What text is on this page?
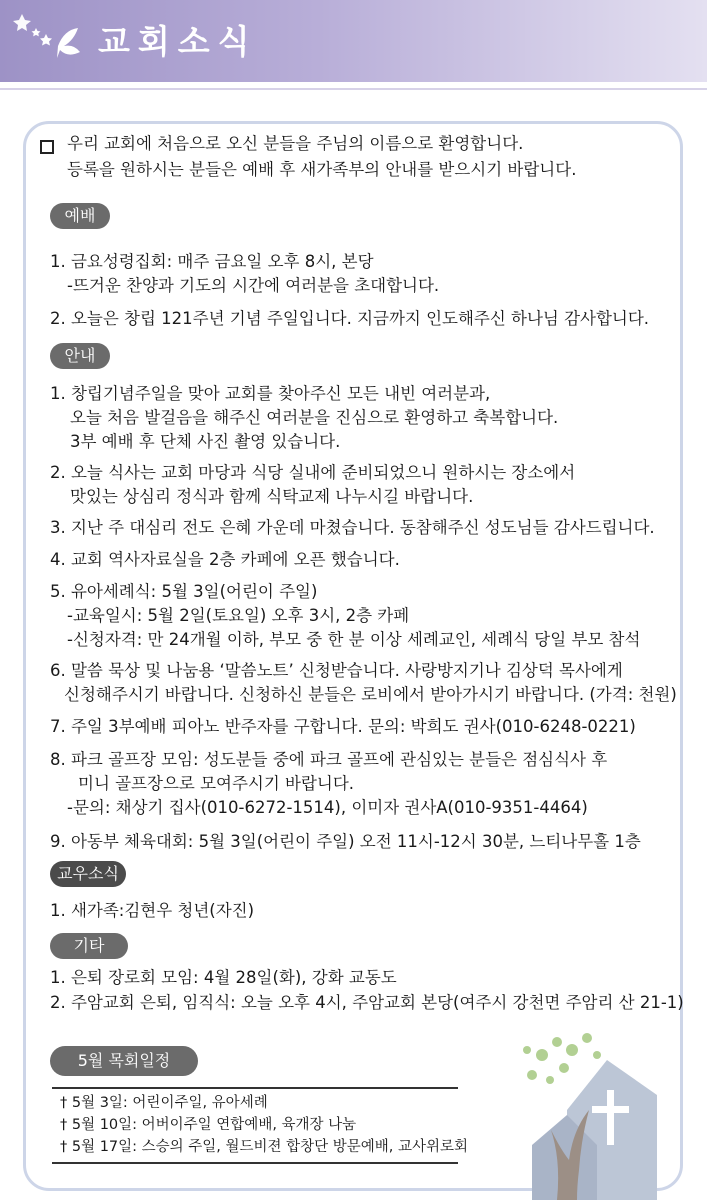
교회소식
우리 교회에 처음으로 오신 분들을 주님의 이름으로 환영합니다.
등록을 원하시는 분들은 예배 후 새가족부의 안내를 받으시기 바랍니다.
예배
1. 금요성령집회: 매주 금요일 오후 8시, 본당
-뜨거운 찬양과 기도의 시간에 여러분을 초대합니다.
2. 오늘은 창립 121주년 기념 주일입니다. 지금까지 인도해주신 하나님 감사합니다.
안내
1. 창립기념주일을 맞아 교회를 찾아주신 모든 내빈 여러분과,
오늘 처음 발걸음을 해주신 여러분을 진심으로 환영하고 축복합니다.
3부 예배 후 단체 사진 촬영 있습니다.
2. 오늘 식사는 교회 마당과 식당 실내에 준비되었으니 원하시는 장소에서
맛있는 상심리 정식과 함께 식탁교제 나누시길 바랍니다.
3. 지난 주 대심리 전도 은혜 가운데 마쳤습니다. 동참해주신 성도님들 감사드립니다.
4. 교회 역사자료실을 2층 카페에 오픈 했습니다.
5. 유아세례식: 5월 3일(어린이 주일)
-교육일시: 5월 2일(토요일) 오후 3시, 2층 카페
-신청자격: 만 24개월 이하, 부모 중 한 분 이상 세례교인, 세례식 당일 부모 참석
6. 말씀 묵상 및 나눔용 ‘말씀노트’ 신청받습니다. 사랑방지기나 김상덕 목사에게
신청해주시기 바랍니다. 신청하신 분들은 로비에서 받아가시기 바랍니다. (가격: 천원)
7. 주일 3부예배 피아노 반주자를 구합니다. 문의: 박희도 권사(010-6248-0221)
8. 파크 골프장 모임: 성도분들 중에 파크 골프에 관심있는 분들은 점심식사 후
미니 골프장으로 모여주시기 바랍니다.
-문의: 채상기 집사(010-6272-1514), 이미자 권사A(010-9351-4464)
9. 아동부 체육대회: 5월 3일(어린이 주일) 오전 11시-12시 30분, 느티나무홀 1층
교우소식
1. 새가족:김현우 청년(자진)
기타
1. 은퇴 장로회 모임: 4월 28일(화), 강화 교동도
2. 주암교회 은퇴, 임직식: 오늘 오후 4시, 주암교회 본당(여주시 강천면 주암리 산 21-1)
5월 목회일정
† 5월 3일: 어린이주일, 유아세례
† 5월 10일: 어버이주일 연합예배, 육개장 나눔
† 5월 17일: 스승의 주일, 월드비젼 합창단 방문예배, 교사위로회
